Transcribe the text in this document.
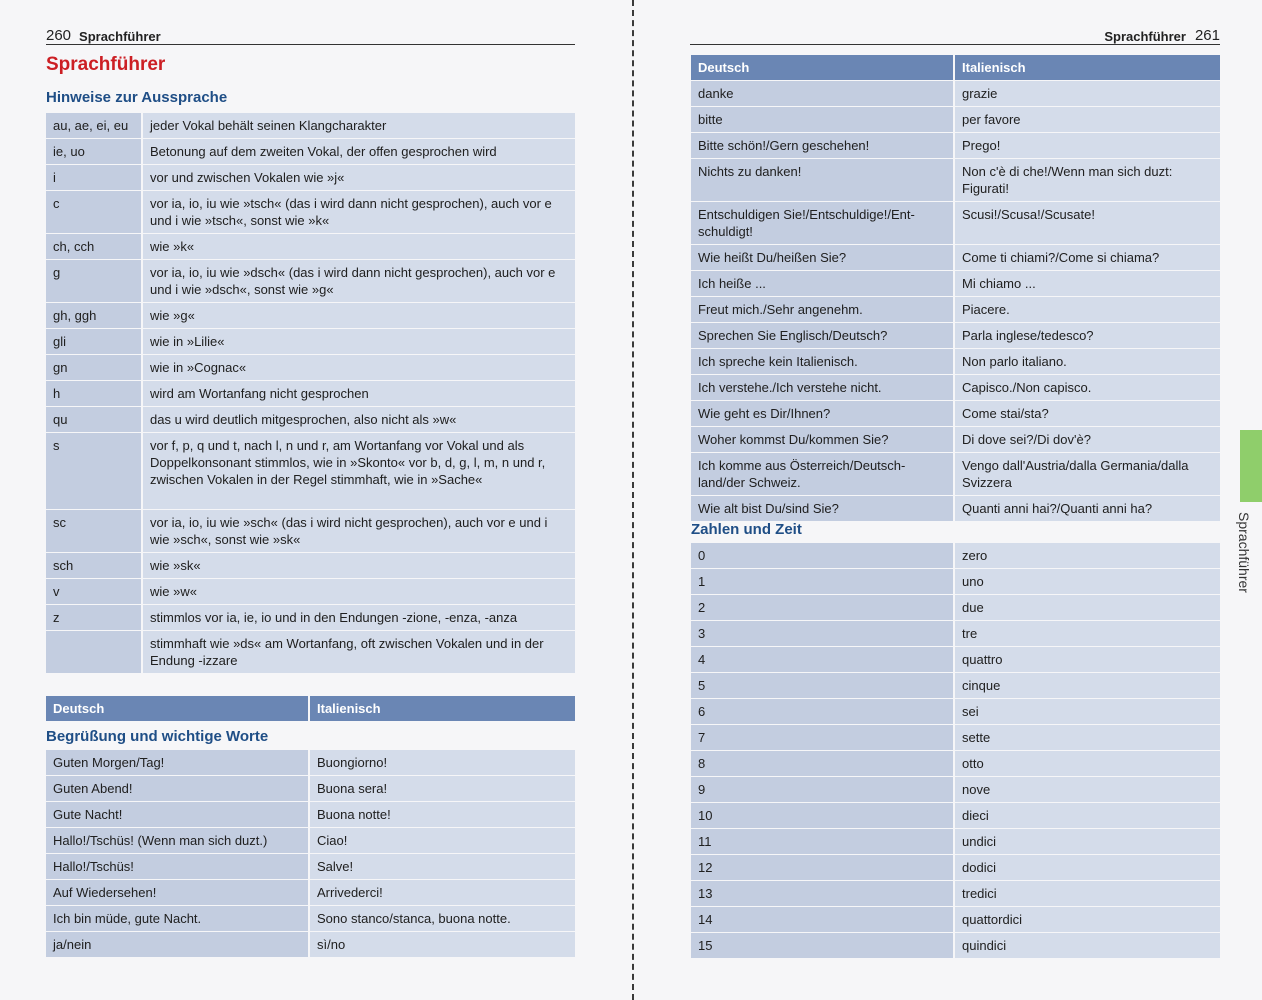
260 Sprachführer
Sprachführer
Hinweise zur Aussprache
au, ae, ei, eu	jeder Vokal behält seinen Klangcharakter
ie, uo	Betonung auf dem zweiten Vokal, der offen gesprochen wird
i	vor und zwischen Vokalen wie »j«
c	vor ia, io, iu wie »tsch« (das i wird dann nicht gesprochen), auch vor e und i wie »tsch«, sonst wie »k«
ch, cch	wie »k«
g	vor ia, io, iu wie »dsch« (das i wird dann nicht gesprochen), auch vor e und i wie »dsch«, sonst wie »g«
gh, ggh	wie »g«
gli	wie in »Lilie«
gn	wie in »Cognac«
h	wird am Wortanfang nicht gesprochen
qu	das u wird deutlich mitgesprochen, also nicht als »w«
s	vor f, p, q und t, nach l, n und r, am Wortanfang vor Vokal und als Doppelkonsonant stimmlos, wie in »Skonto« vor b, d, g, l, m, n und r, zwischen Vokalen in der Regel stimmhaft, wie in »Sache«
sc	vor ia, io, iu wie »sch« (das i wird nicht gesprochen), auch vor e und i wie »sch«, sonst wie »sk«
sch	wie »sk«
v	wie »w«
z	stimmlos vor ia, ie, io und in den Endungen -zione, -enza, -anza
	stimmhaft wie »ds« am Wortanfang, oft zwischen Vokalen und in der Endung -izzare
Deutsch	Italienisch
Begrüßung und wichtige Worte
Guten Morgen/Tag!	Buongiorno!
Guten Abend!	Buona sera!
Gute Nacht!	Buona notte!
Hallo!/Tschüs! (Wenn man sich duzt.)	Ciao!
Hallo!/Tschüs!	Salve!
Auf Wiedersehen!	Arrivederci!
Ich bin müde, gute Nacht.	Sono stanco/stanca, buona notte.
ja/nein	sì/no
Sprachführer 261
Deutsch	Italienisch
danke	grazie
bitte	per favore
Bitte schön!/Gern geschehen!	Prego!
Nichts zu danken!	Non c'è di che!/Wenn man sich duzt: Figurati!
Entschuldigen Sie!/Entschuldige!/Entschuldigt!	Scusi!/Scusa!/Scusate!
Wie heißt Du/heißen Sie?	Come ti chiami?/Come si chiama?
Ich heiße ...	Mi chiamo ...
Freut mich./Sehr angenehm.	Piacere.
Sprechen Sie Englisch/Deutsch?	Parla inglese/tedesco?
Ich spreche kein Italienisch.	Non parlo italiano.
Ich verstehe./Ich verstehe nicht.	Capisco./Non capisco.
Wie geht es Dir/Ihnen?	Come stai/sta?
Woher kommst Du/kommen Sie?	Di dove sei?/Di dov'è?
Ich komme aus Österreich/Deutschland/der Schweiz.	Vengo dall'Austria/dalla Germania/dalla Svizzera
Wie alt bist Du/sind Sie?	Quanti anni hai?/Quanti anni ha?
Zahlen und Zeit
0	zero
1	uno
2	due
3	tre
4	quattro
5	cinque
6	sei
7	sette
8	otto
9	nove
10	dieci
11	undici
12	dodici
13	tredici
14	quattordici
15	quindici
Sprachführer
